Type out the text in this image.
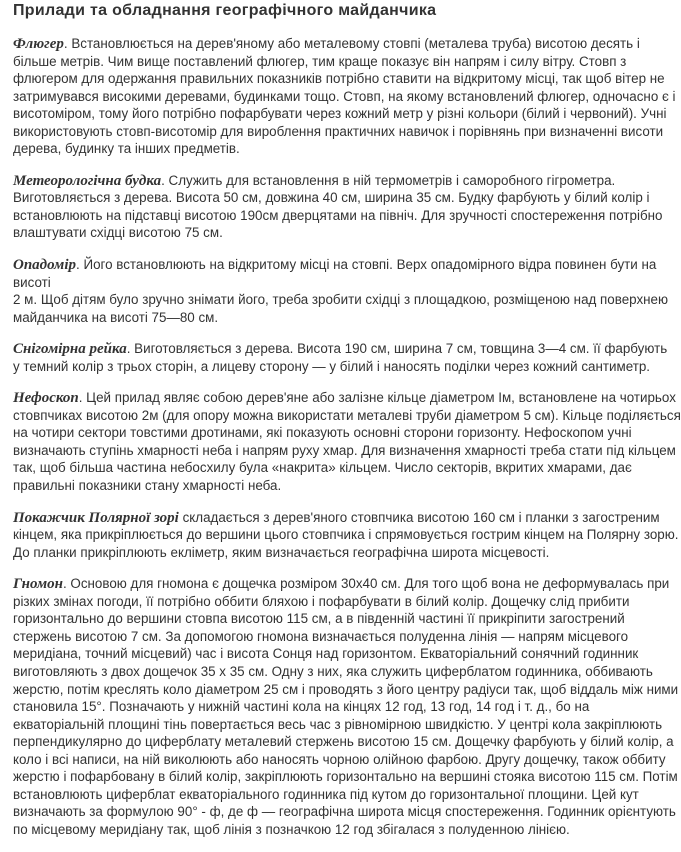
Прилади та обладнання географічного майданчика
Флюгер. Встановлюється на дерев'яному або металевому стовпі (металева труба) висотою десять і
більше метрів. Чим вище поставлений флюгер, тим краще показує він напрям і силу вітру. Стовп з
флюгером для одержання правильних показників потрібно ставити на відкритому місці, так щоб вітер не
затримувався високими деревами, будинками тощо. Стовп, на якому встановлений флюгер, одночасно є і
висотоміром, тому його потрібно пофарбувати через кожний метр у різні кольори (білий і червоний). Учні
використовують стовп-висотомір для вироблення практичних навичок і порівнянь при визначенні висоти
дерева, будинку та інших предметів.
Метеорологічна будка. Служить для встановлення в ній термометрів і саморобного гігрометра.
Виготовляється з дерева. Висота 50 см, довжина 40 см, ширина 35 см. Будку фарбують у білий колір і
встановлюють на підставці висотою 190см дверцятами на північ. Для зручності спостереження потрібно
влаштувати східці висотою 75 см.
Опадомір. Його встановлюють на відкритому місці на стовпі. Верх опадомірного відра повинен бути на
висоті
2 м. Щоб дітям було зручно знімати його, треба зробити східці з площадкою, розміщеною над поверхнею
майданчика на висоті 75—80 см.
Снігомірна рейка. Виготовляється з дерева. Висота 190 см, ширина 7 см, товщина 3—4 см. її фарбують
у темний колір з трьох сторін, а лицеву сторону — у білий і наносять поділки через кожний сантиметр.
Нефоскоп. Цей прилад являє собою дерев'яне або залізне кільце діаметром Ім, встановлене на чотирьох
стовпчиках висотою 2м (для опору можна використати металеві труби діаметром 5 см). Кільце поділяється
на чотири сектори товстими дротинами, які показують основні сторони горизонту. Нефоскопом учні
визначають ступінь хмарності неба і напрям руху хмар. Для визначення хмарності треба стати під кільцем
так, щоб більша частина небосхилу була «накрита» кільцем. Число секторів, вкритих хмарами, дає
правильні показники стану хмарності неба.
Покажчик Полярної зорі складається з дерев'яного стовпчика висотою 160 см і планки з загостреним
кінцем, яка прикріплюється до вершини цього стовпчика і спрямовується гострим кінцем на Полярну зорю.
До планки прикріплюють екліметр, яким визначається географічна широта місцевості.
Гномон. Основою для гномона є дощечка розміром 30х40 см. Для того щоб вона не деформувалась при
різких змінах погоди, її потрібно оббити бляхою і пофарбувати в білий колір. Дощечку слід прибити
горизонтально до вершини стовпа висотою 115 см, а в південній частині її прикріпити загострений
стержень висотою 7 см. За допомогою гномона визначається полуденна лінія — напрям місцевого
меридіана, точний місцевий) час і висота Сонця над горизонтом. Екваторіальний сонячний годинник
виготовляють з двох дощечок 35 х 35 см. Одну з них, яка служить циферблатом годинника, оббивають
жерстю, потім креслять коло діаметром 25 см і проводять з його центру радіуси так, щоб віддаль між ними
становила 15°. Позначають у нижній частині кола на кінцях 12 год, 13 год, 14 год і т. д., бо на
екваторіальній площині тінь повертається весь час з рівномірною швидкістю. У центрі кола закріплюють
перпендикулярно до циферблату металевий стержень висотою 15 см. Дощечку фарбують у білий колір, а
коло і всі написи, на ній виколюють або наносять чорною олійною фарбою. Другу дощечку, також оббиту
жерстю і пофарбовану в білий колір, закріплюють горизонтально на вершині стояка висотою 115 см. Потім
встановлюють циферблат екваторіального годинника під кутом до горизонтальної площини. Цей кут
визначають за формулою 90° - ф, де ф — географічна широта місця спостереження. Годинник орієнтують
по місцевому меридіану так, щоб лінія з позначкою 12 год збігалася з полуденною лінією.
